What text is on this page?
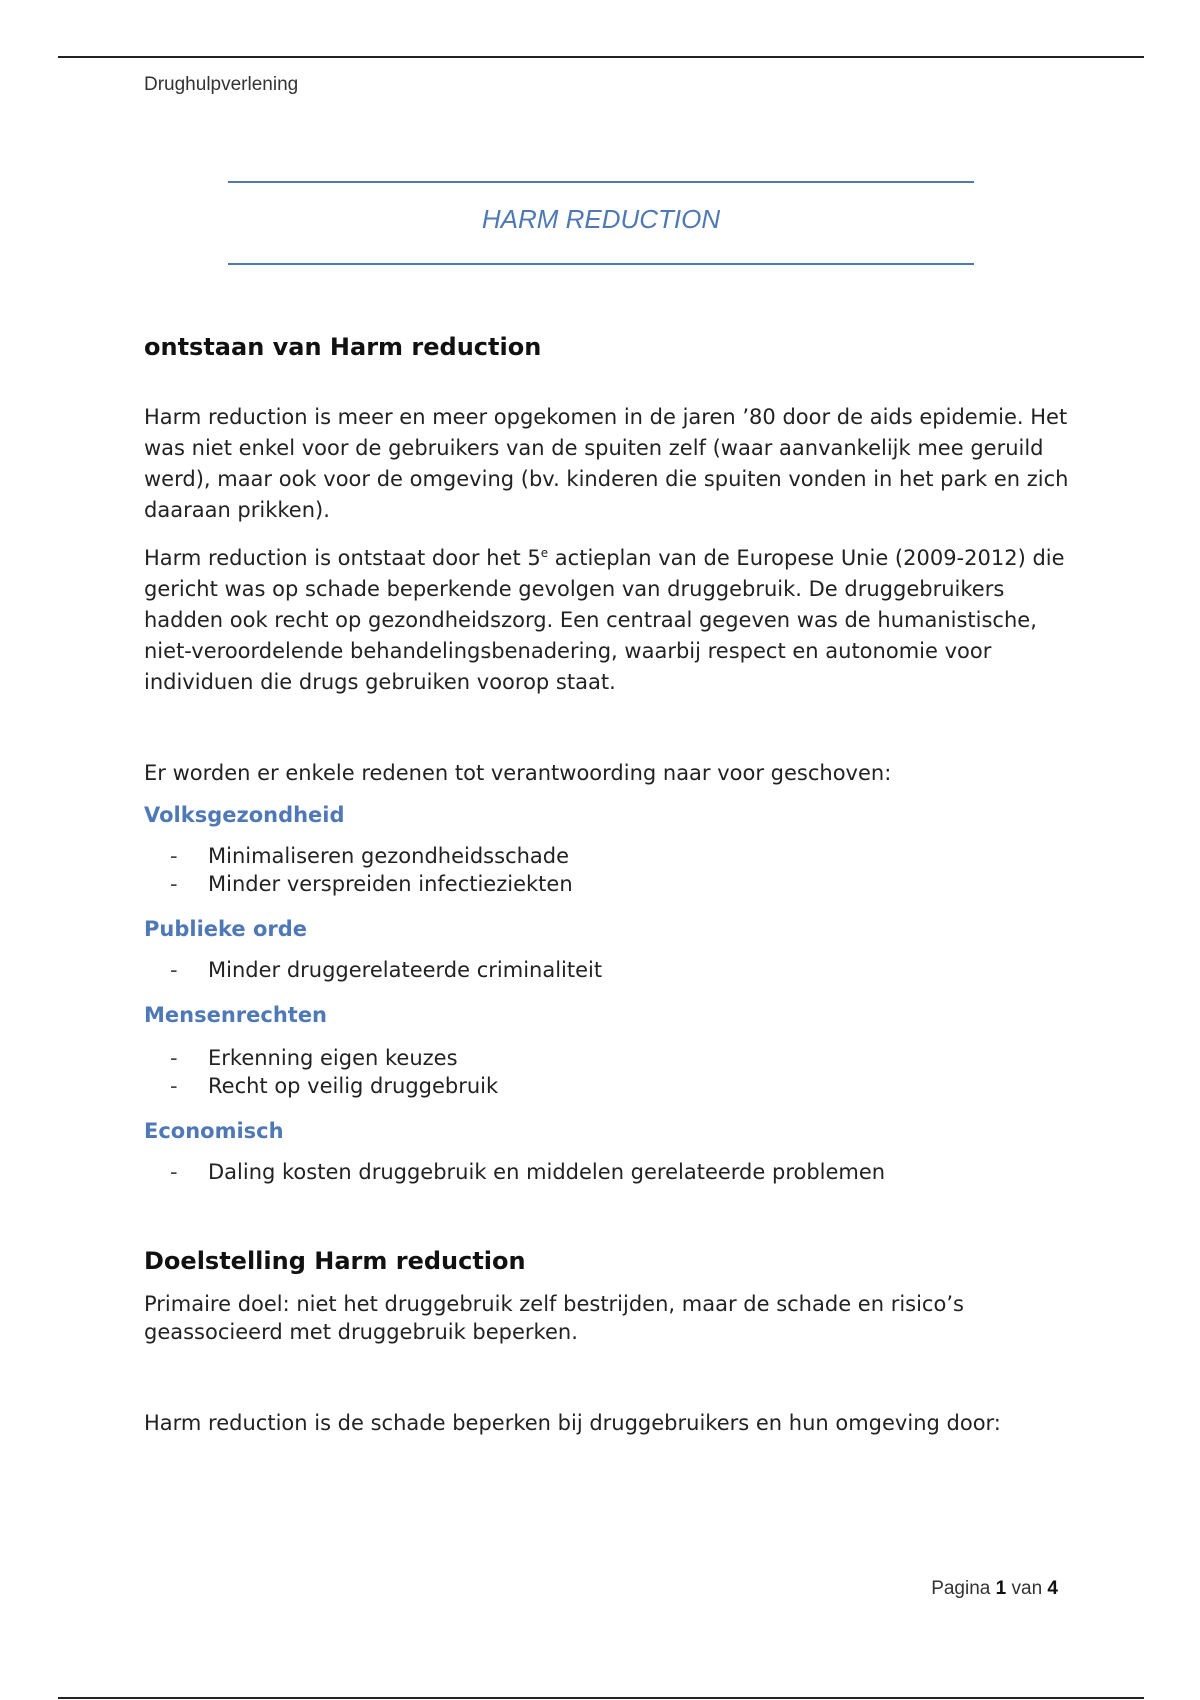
Drughulpverlening
HARM REDUCTION
ontstaan van Harm reduction

Harm reduction is meer en meer opgekomen in de jaren ’80 door de aids epidemie. Het was niet enkel voor de gebruikers van de spuiten zelf (waar aanvankelijk mee geruild werd), maar ook voor de omgeving (bv. kinderen die spuiten vonden in het park en zich daaraan prikken).

Harm reduction is ontstaat door het 5e actieplan van de Europese Unie (2009-2012) die gericht was op schade beperkende gevolgen van druggebruik. De druggebruikers hadden ook recht op gezondheidszorg. Een centraal gegeven was de humanistische, niet-veroordelende behandelingsbenadering, waarbij respect en autonomie voor individuen die drugs gebruiken voorop staat.

Er worden er enkele redenen tot verantwoording naar voor geschoven:

Volksgezondheid
- Minimaliseren gezondheidsschade
- Minder verspreiden infectieziekten
Publieke orde
- Minder druggerelateerde criminaliteit
Mensenrechten
- Erkenning eigen keuzes
- Recht op veilig druggebruik
Economisch
- Daling kosten druggebruik en middelen gerelateerde problemen
Doelstelling Harm reduction

Primaire doel: niet het druggebruik zelf bestrijden, maar de schade en risico’s geassocieerd met druggebruik beperken.

Harm reduction is de schade beperken bij druggebruikers en hun omgeving door:

Pagina 1 van 4
